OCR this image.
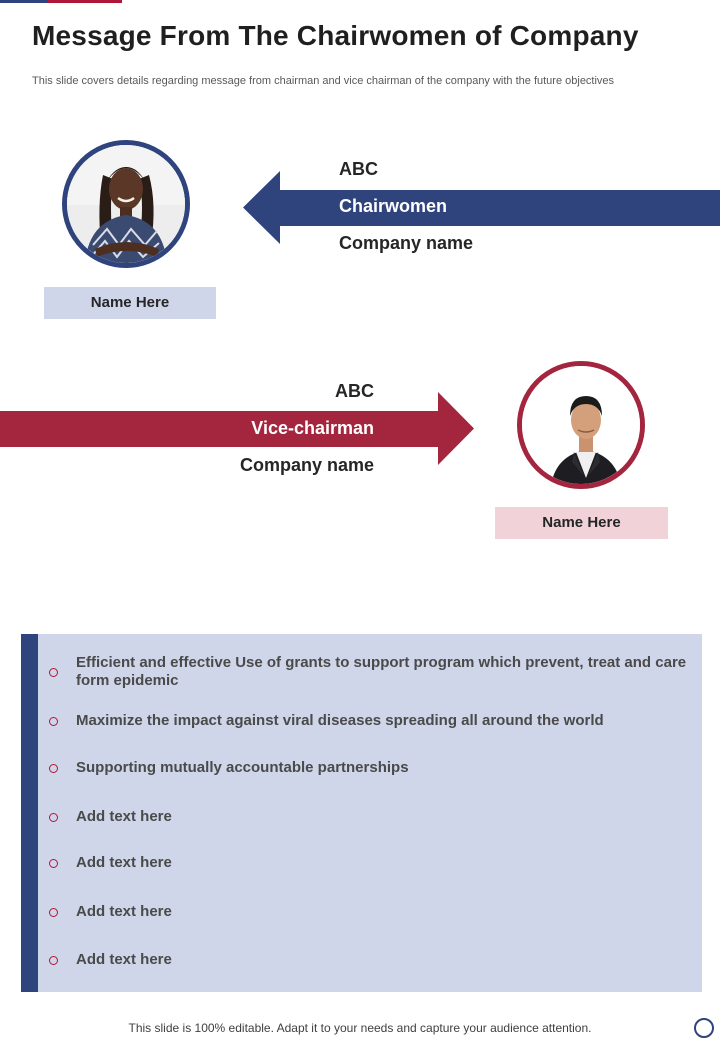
Message From The Chairwomen of Company

This slide covers details regarding message from chairman and vice chairman of the company with the future objectives

Name Here
ABC
Chairwomen
Company name
ABC
Vice-chairman
Company name
Name Here
Efficient and effective Use of grants to support program which prevent, treat and care form epidemic
Maximize the impact against viral diseases spreading all around the world
Supporting mutually accountable partnerships
Add text here
Add text here
Add text here
Add text here

This slide is 100% editable. Adapt it to your needs and capture your audience attention.
